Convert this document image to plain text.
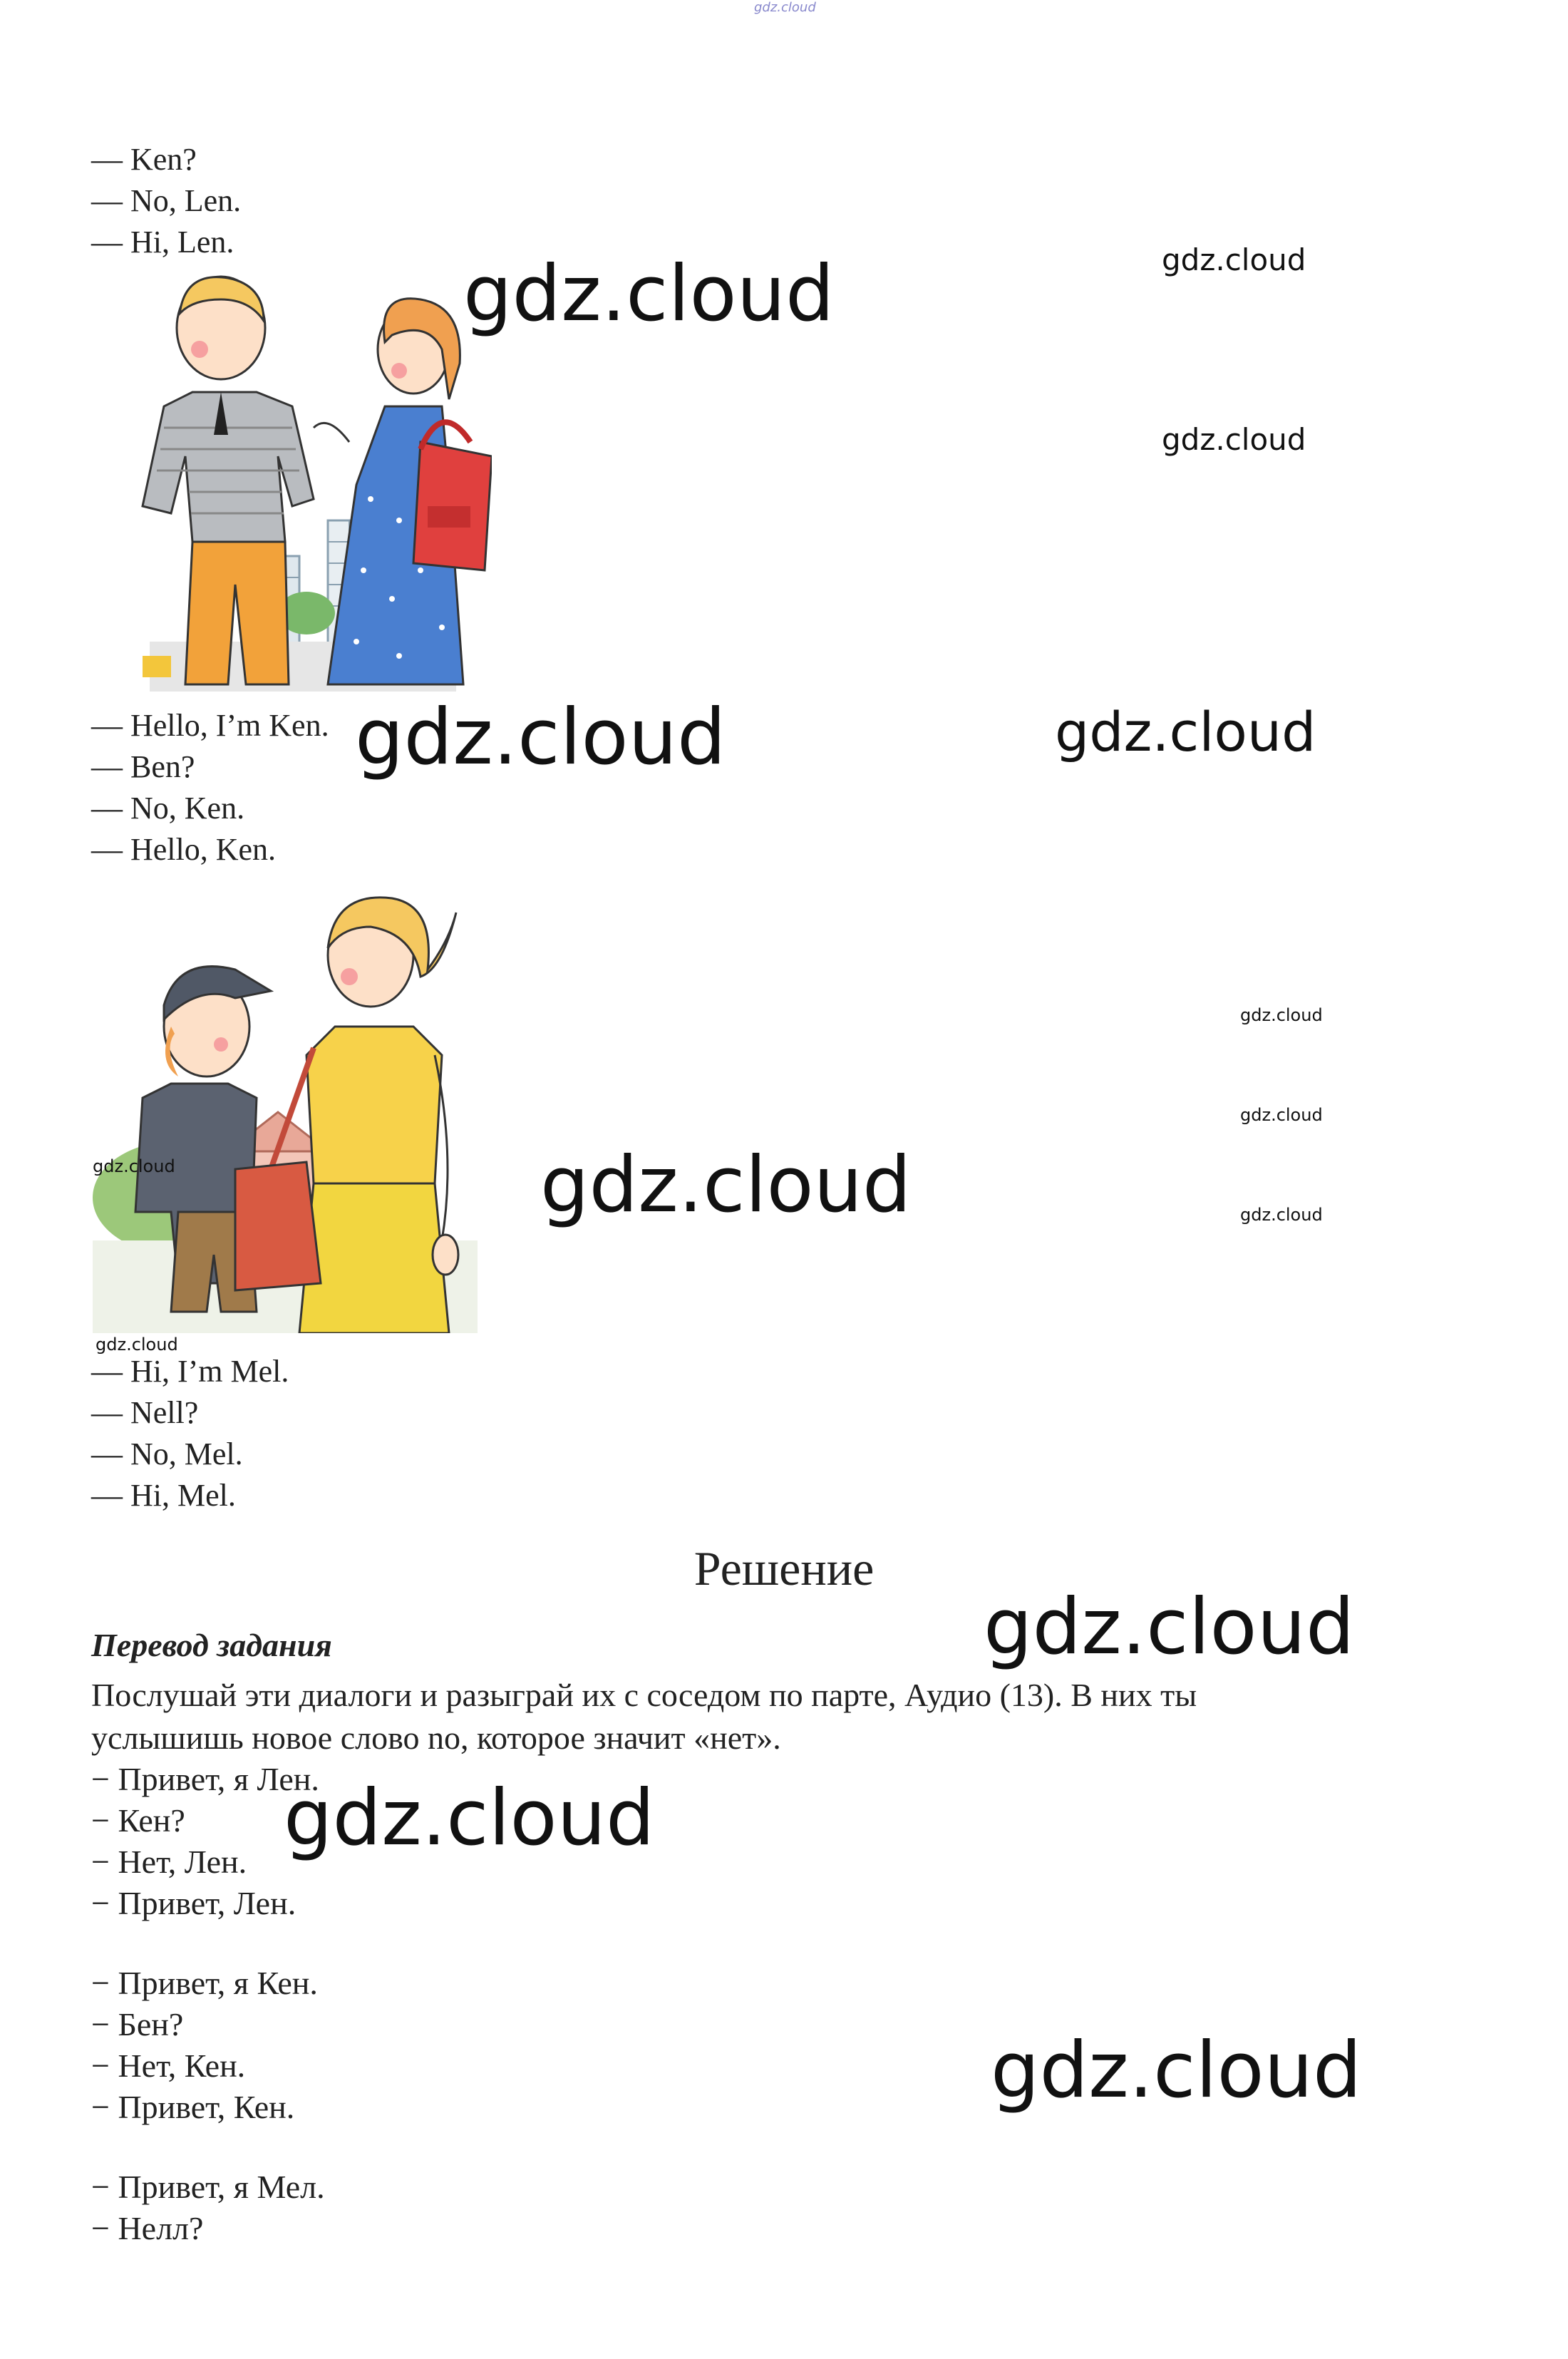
gdz.cloud
— Ken?
— No, Len.
— Hi, Len.
— Hello, I’m Ken.
— Ben?
— No, Ken.
— Hello, Ken.
— Hi, I’m Mel.
— Nell?
— No, Mel.
— Hi, Mel.
Решение
Перевод задания
Послушай эти диалоги и разыграй их с соседом по парте, Аудио (13). В них ты
услышишь новое слово no, которое значит «нет».
− Привет, я Лен.
− Кен?
− Нет, Лен.
− Привет, Лен.
− Привет, я Кен.
− Бен?
− Нет, Кен.
− Привет, Кен.
− Привет, я Мел.
− Нелл?
gdz.cloud	gdz.cloud
gdz.cloud
gdz.cloud	gdz.cloud
gdz.cloud
gdz.cloud
gdz.cloud
gdz.cloud	gdz.cloud
gdz.cloud
gdz.cloud
gdz.cloud
gdz.cloud
